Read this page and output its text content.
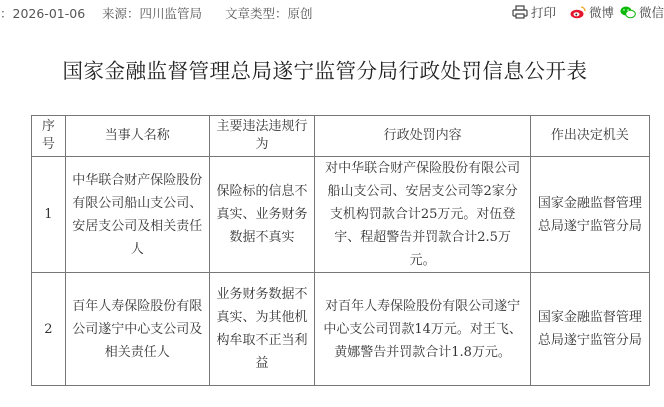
：2026-01-06 来源：四川监管局 文章类型：原创	打印	微博 微信
国家金融监督管理总局遂宁监管分局行政处罚信息公开表
序号	当事人名称	主要违法违规行为	行政处罚内容	作出决定机关
1	中华联合财产保险股份有限公司船山支公司、安居支公司及相关责任人	保险标的信息不真实、业务财务数据不真实	对中华联合财产保险股份有限公司船山支公司、安居支公司等2家分支机构罚款合计25万元。对伍登宇、程超警告并罚款合计2.5万元。	国家金融监督管理总局遂宁监管分局
2	百年人寿保险股份有限公司遂宁中心支公司及相关责任人	业务财务数据不真实、为其他机构牟取不正当利益	对百年人寿保险股份有限公司遂宁中心支公司罚款14万元。对王飞、黄娜警告并罚款合计1.8万元。	国家金融监督管理总局遂宁监管分局
